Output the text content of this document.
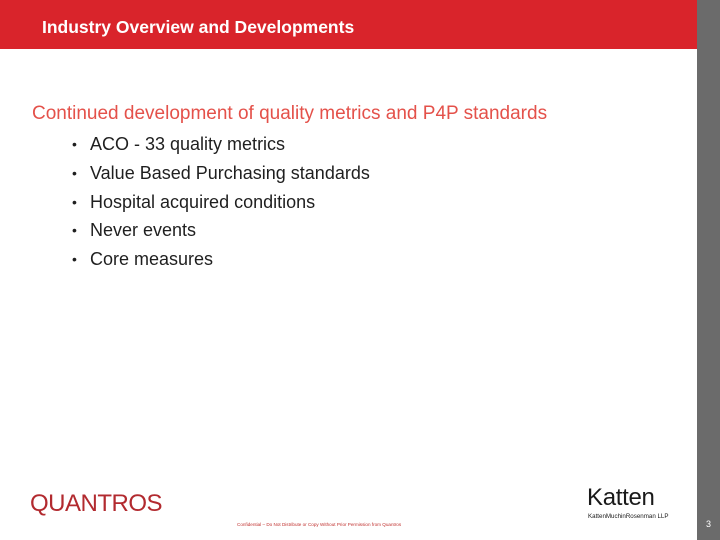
Industry Overview and Developments
3
Continued development of quality metrics and P4P standards
• ACO - 33 quality metrics
• Value Based Purchasing standards
• Hospital acquired conditions
• Never events
• Core measures
QUANTROS
Confidential – Do Not Distribute or Copy Without Prior Permission from Quantros
Katten
KattenMuchinRosenman LLP
